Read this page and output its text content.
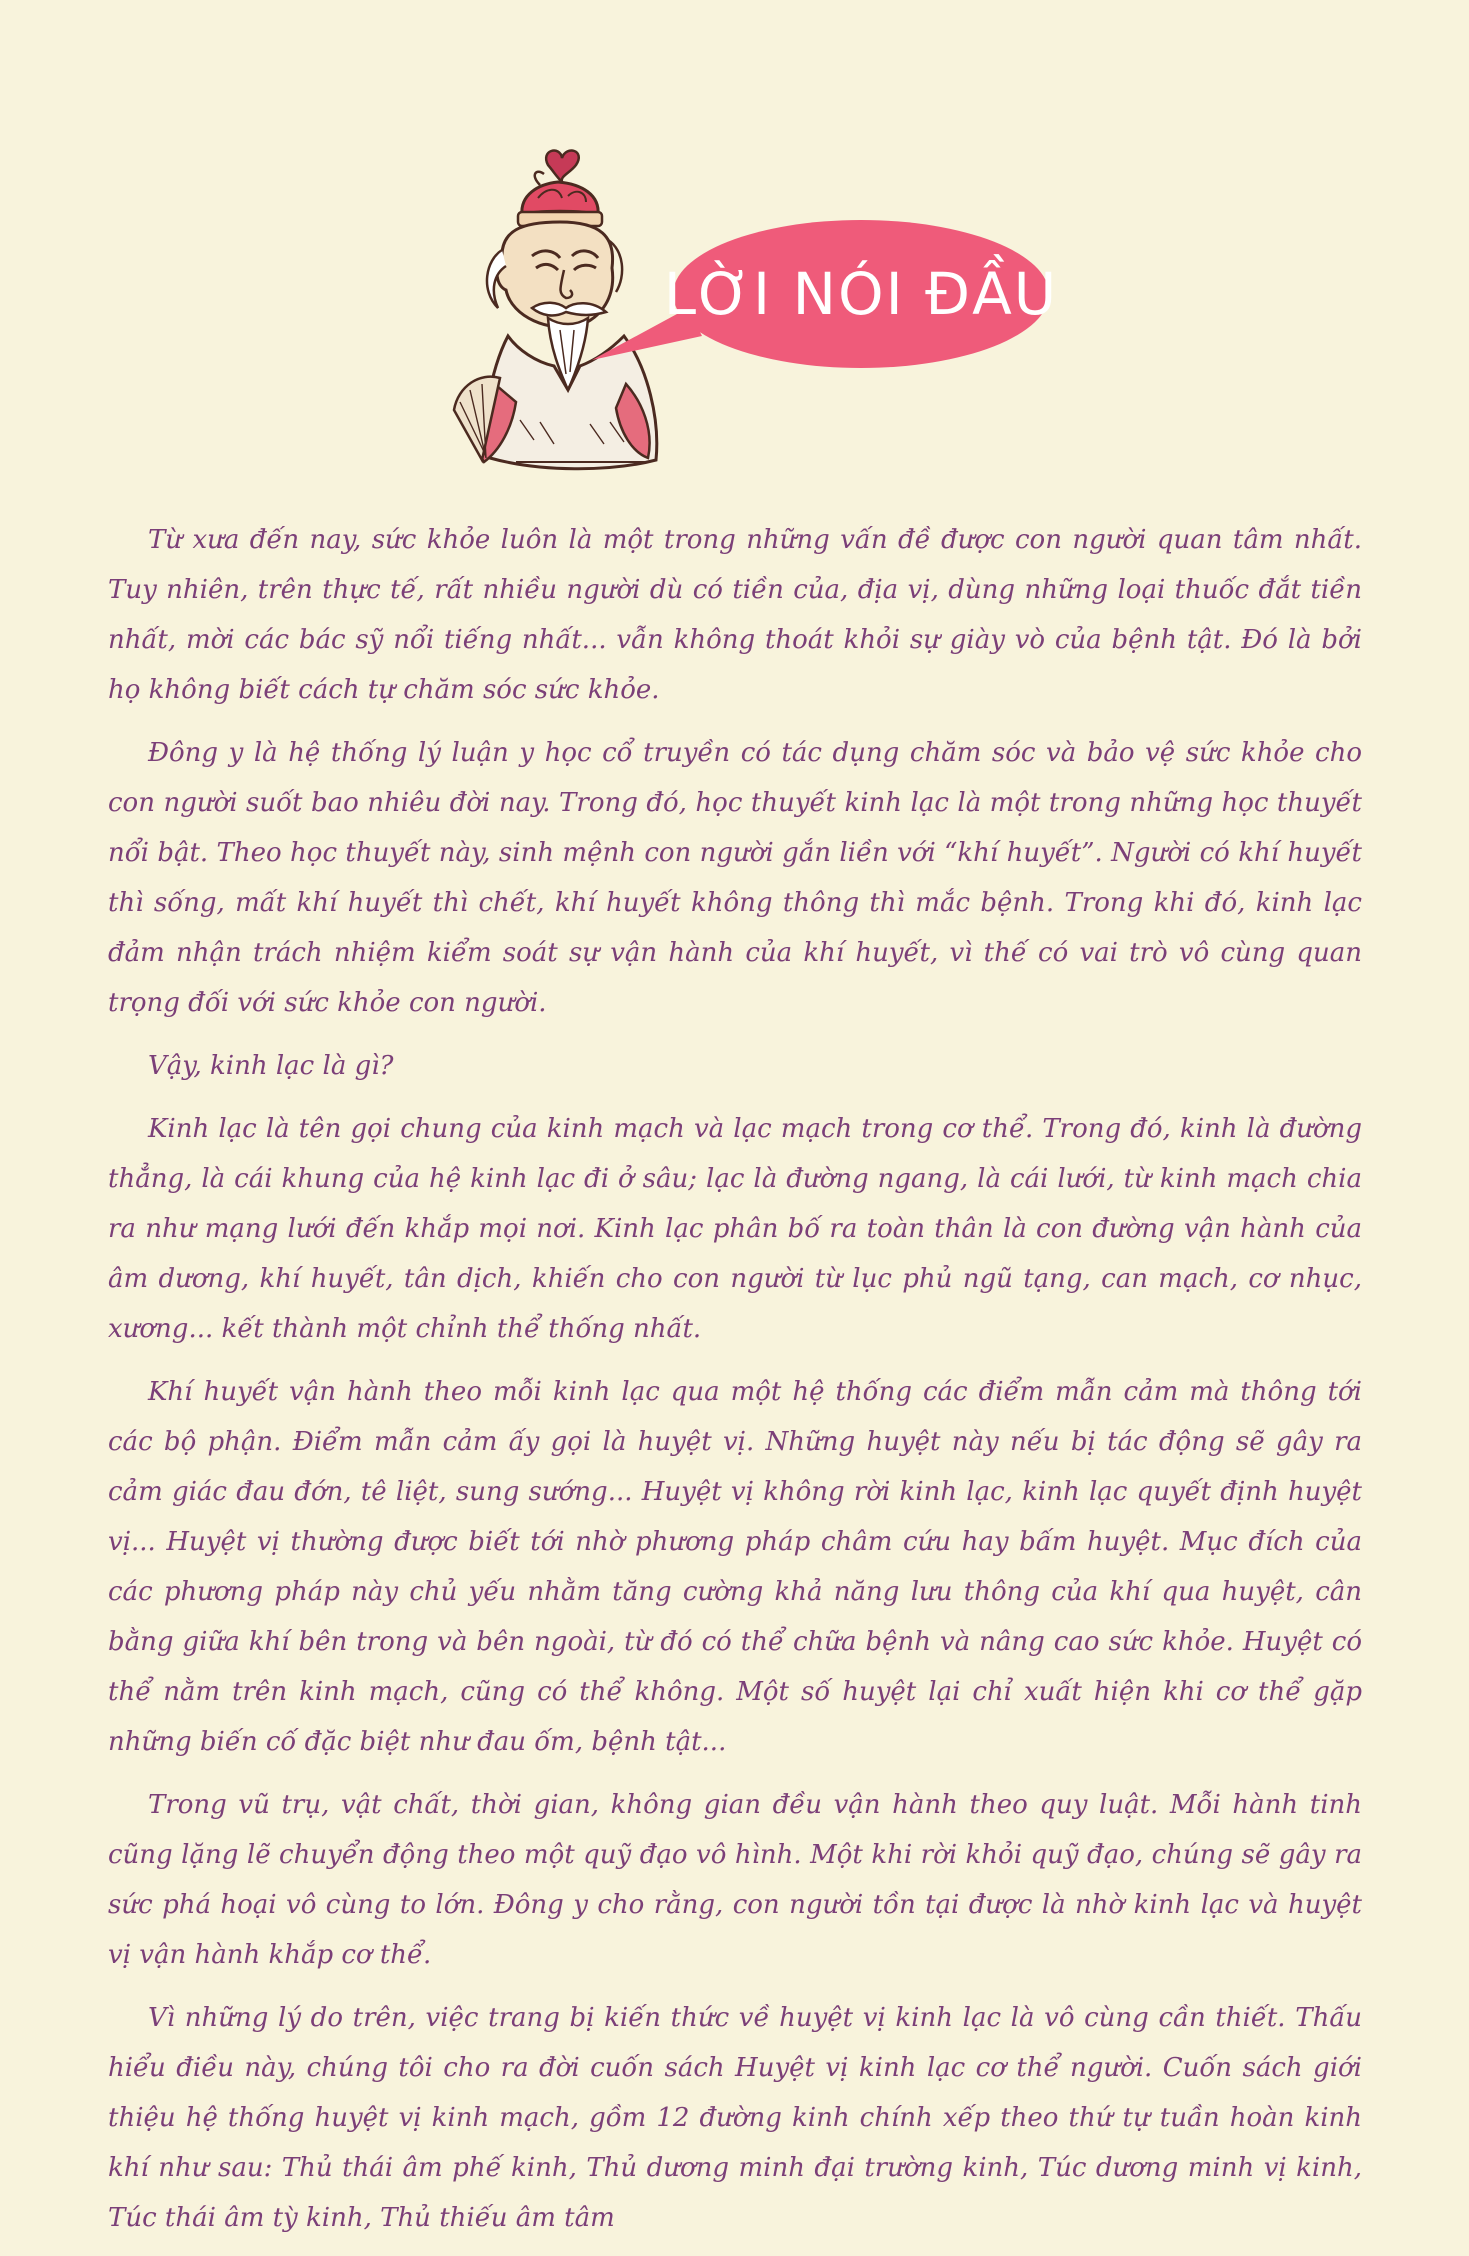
LỜI NÓI ĐẦU

Từ xưa đến nay, sức khỏe luôn là một trong những vấn đề được con người quan tâm nhất. Tuy nhiên, trên thực tế, rất nhiều người dù có tiền của, địa vị, dùng những loại thuốc đắt tiền nhất, mời các bác sỹ nổi tiếng nhất... vẫn không thoát khỏi sự giày vò của bệnh tật. Đó là bởi họ không biết cách tự chăm sóc sức khỏe.

Đông y là hệ thống lý luận y học cổ truyền có tác dụng chăm sóc và bảo vệ sức khỏe cho con người suốt bao nhiêu đời nay. Trong đó, học thuyết kinh lạc là một trong những học thuyết nổi bật. Theo học thuyết này, sinh mệnh con người gắn liền với “khí huyết”. Người có khí huyết thì sống, mất khí huyết thì chết, khí huyết không thông thì mắc bệnh. Trong khi đó, kinh lạc đảm nhận trách nhiệm kiểm soát sự vận hành của khí huyết, vì thế có vai trò vô cùng quan trọng đối với sức khỏe con người.

Vậy, kinh lạc là gì?

Kinh lạc là tên gọi chung của kinh mạch và lạc mạch trong cơ thể. Trong đó, kinh là đường thẳng, là cái khung của hệ kinh lạc đi ở sâu; lạc là đường ngang, là cái lưới, từ kinh mạch chia ra như mạng lưới đến khắp mọi nơi. Kinh lạc phân bố ra toàn thân là con đường vận hành của âm dương, khí huyết, tân dịch, khiến cho con người từ lục phủ ngũ tạng, can mạch, cơ nhục, xương... kết thành một chỉnh thể thống nhất.

Khí huyết vận hành theo mỗi kinh lạc qua một hệ thống các điểm mẫn cảm mà thông tới các bộ phận. Điểm mẫn cảm ấy gọi là huyệt vị. Những huyệt này nếu bị tác động sẽ gây ra cảm giác đau đớn, tê liệt, sung sướng... Huyệt vị không rời kinh lạc, kinh lạc quyết định huyệt vị... Huyệt vị thường được biết tới nhờ phương pháp châm cứu hay bấm huyệt. Mục đích của các phương pháp này chủ yếu nhằm tăng cường khả năng lưu thông của khí qua huyệt, cân bằng giữa khí bên trong và bên ngoài, từ đó có thể chữa bệnh và nâng cao sức khỏe. Huyệt có thể nằm trên kinh mạch, cũng có thể không. Một số huyệt lại chỉ xuất hiện khi cơ thể gặp những biến cố đặc biệt như đau ốm, bệnh tật...

Trong vũ trụ, vật chất, thời gian, không gian đều vận hành theo quy luật. Mỗi hành tinh cũng lặng lẽ chuyển động theo một quỹ đạo vô hình. Một khi rời khỏi quỹ đạo, chúng sẽ gây ra sức phá hoại vô cùng to lớn. Đông y cho rằng, con người tồn tại được là nhờ kinh lạc và huyệt vị vận hành khắp cơ thể.

Vì những lý do trên, việc trang bị kiến thức về huyệt vị kinh lạc là vô cùng cần thiết. Thấu hiểu điều này, chúng tôi cho ra đời cuốn sách Huyệt vị kinh lạc cơ thể người. Cuốn sách giới thiệu hệ thống huyệt vị kinh mạch, gồm 12 đường kinh chính xếp theo thứ tự tuần hoàn kinh khí như sau: Thủ thái âm phế kinh, Thủ dương minh đại trường kinh, Túc dương minh vị kinh, Túc thái âm tỳ kinh, Thủ thiếu âm tâm
